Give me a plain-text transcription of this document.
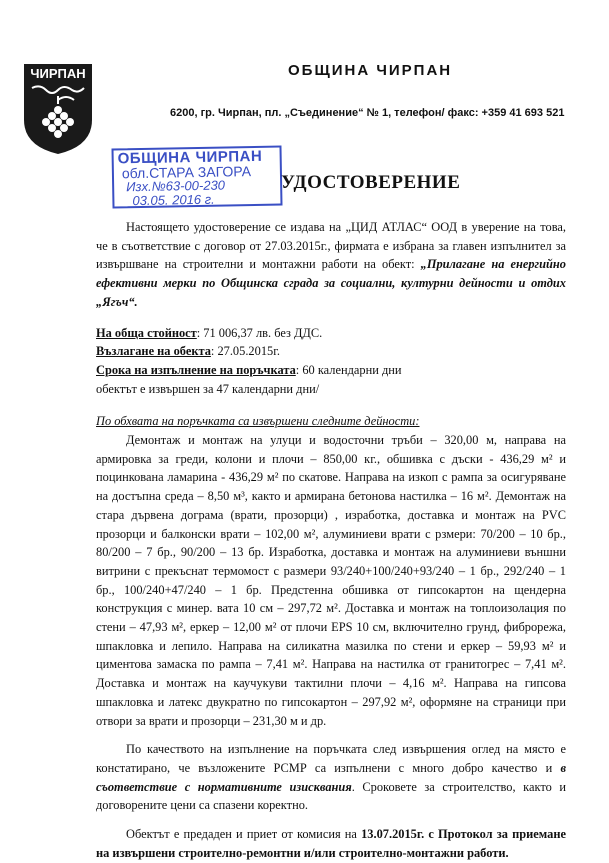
ЧИРПАН	ОБЩИНА ЧИРПАН
6200, гр. Чирпан, пл. „Съединение“ № 1, телефон/ факс: +359 41 693 521
ОБЩИНА ЧИРПАН
обл.СТАРА ЗАГОРА
Изх.№63-00-230
03.05. 2016 г.
УДОСТОВЕРЕНИЕ

Настоящето удостоверение се издава на „ЦИД АТЛАС“ ООД в уверение на това, че в съответствие с договор от 27.03.2015г., фирмата е избрана за главен изпълнител за извършване на строителни и монтажни работи на обект: „Прилагане на енергийно ефективни мерки по Общинска сграда за социални, културни дейности и отдих „Ягъч“.

На обща стойност: 71 006,37 лв. без ДДС.
Възлагане на обекта: 27.05.2015г.
Срока на изпълнение на поръчката: 60 календарни дни
обектът е извършен за 47 календарни дни/

По обхвата на поръчката са извършени следните дейности:

Демонтаж и монтаж на улуци и водосточни тръби – 320,00 м, направа на армировка за греди, колони и плочи – 850,00 кг., обшивка с дъски - 436,29 м² и поцинкована ламарина - 436,29 м² по скатове. Направа на изкоп с рампа за осигуряване на достъпна среда – 8,50 м³, както и армирана бетонова настилка – 16 м². Демонтаж на стара дървена дограма (врати, прозорци) , изработка, доставка и монтаж на PVC прозорци и балконски врати – 102,00 м², алуминиеви врати с рзмери: 70/200 – 10 бр., 80/200 – 7 бр., 90/200 – 13 бр. Изработка, доставка и монтаж на алуминиеви външни витрини с прекъснат термомост с размери 93/240+100/240+93/240 – 1 бр., 292/240 – 1 бр., 100/240+47/240 – 1 бр. Предстенна обшивка от гипсокартон на щендерна конструкция с минер. вата 10 см – 297,72 м². Доставка и монтаж на топлоизолация по стени – 47,93 м², еркер – 12,00 м² от плочи EPS 10 см, включително грунд, фиброрежа, шпакловка и лепило. Направа на силикатна мазилка по стени и еркер – 59,93 м² и циментова замаска по рампа – 7,41 м². Направа на настилка от гранитогрес – 7,41 м². Доставка и монтаж на каучукуви тактилни плочи – 4,16 м². Направа на гипсова шпакловка и латекс двукратно по гипсокартон – 297,92 м², оформяне на страници при отвори за врати и прозорци – 231,30 м и др.

По качеството на изпълнение на поръчката след извършения оглед на място е констатирано, че възложените РСМР са изпълнени с много добро качество и в съответствие с нормативните изисквания. Сроковете за строителство, както и договорените цени са спазени коректно.

Обектът е предаден и приет от комисия на 13.07.2015г. с Протокол за приемане на извършени строително-ремонтни и/или строително-монтажни работи.
